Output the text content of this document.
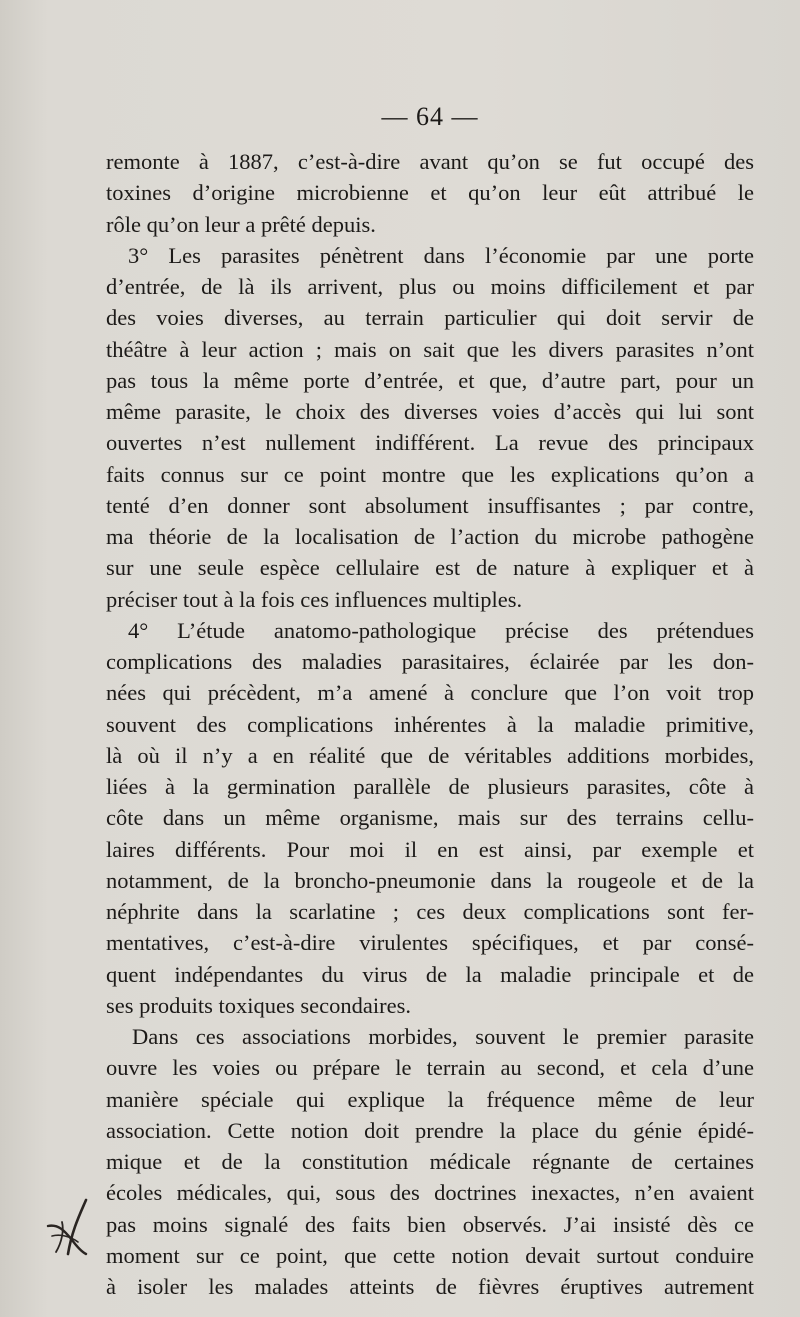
— 64 —
remonte à 1887, c’est-à-dire avant qu’on se fut occupé des
toxines d’origine microbienne et qu’on leur eût attribué le
rôle qu’on leur a prêté depuis.
3° Les parasites pénètrent dans l’économie par une porte
d’entrée, de là ils arrivent, plus ou moins difficilement et par
des voies diverses, au terrain particulier qui doit servir de
théâtre à leur action ; mais on sait que les divers parasites n’ont
pas tous la même porte d’entrée, et que, d’autre part, pour un
même parasite, le choix des diverses voies d’accès qui lui sont
ouvertes n’est nullement indifférent. La revue des principaux
faits connus sur ce point montre que les explications qu’on a
tenté d’en donner sont absolument insuffisantes ; par contre,
ma théorie de la localisation de l’action du microbe pathogène
sur une seule espèce cellulaire est de nature à expliquer et à
préciser tout à la fois ces influences multiples.
4° L’étude anatomo-pathologique précise des prétendues
complications des maladies parasitaires, éclairée par les don-
nées qui précèdent, m’a amené à conclure que l’on voit trop
souvent des complications inhérentes à la maladie primitive,
là où il n’y a en réalité que de véritables additions morbides,
liées à la germination parallèle de plusieurs parasites, côte à
côte dans un même organisme, mais sur des terrains cellu-
laires différents. Pour moi il en est ainsi, par exemple et
notamment, de la broncho-pneumonie dans la rougeole et de la
néphrite dans la scarlatine ; ces deux complications sont fer-
mentatives, c’est-à-dire virulentes spécifiques, et par consé-
quent indépendantes du virus de la maladie principale et de
ses produits toxiques secondaires.
Dans ces associations morbides, souvent le premier parasite
ouvre les voies ou prépare le terrain au second, et cela d’une
manière spéciale qui explique la fréquence même de leur
association. Cette notion doit prendre la place du génie épidé-
mique et de la constitution médicale régnante de certaines
écoles médicales, qui, sous des doctrines inexactes, n’en avaient
pas moins signalé des faits bien observés. J’ai insisté dès ce
moment sur ce point, que cette notion devait surtout conduire
à isoler les malades atteints de fièvres éruptives autrement
